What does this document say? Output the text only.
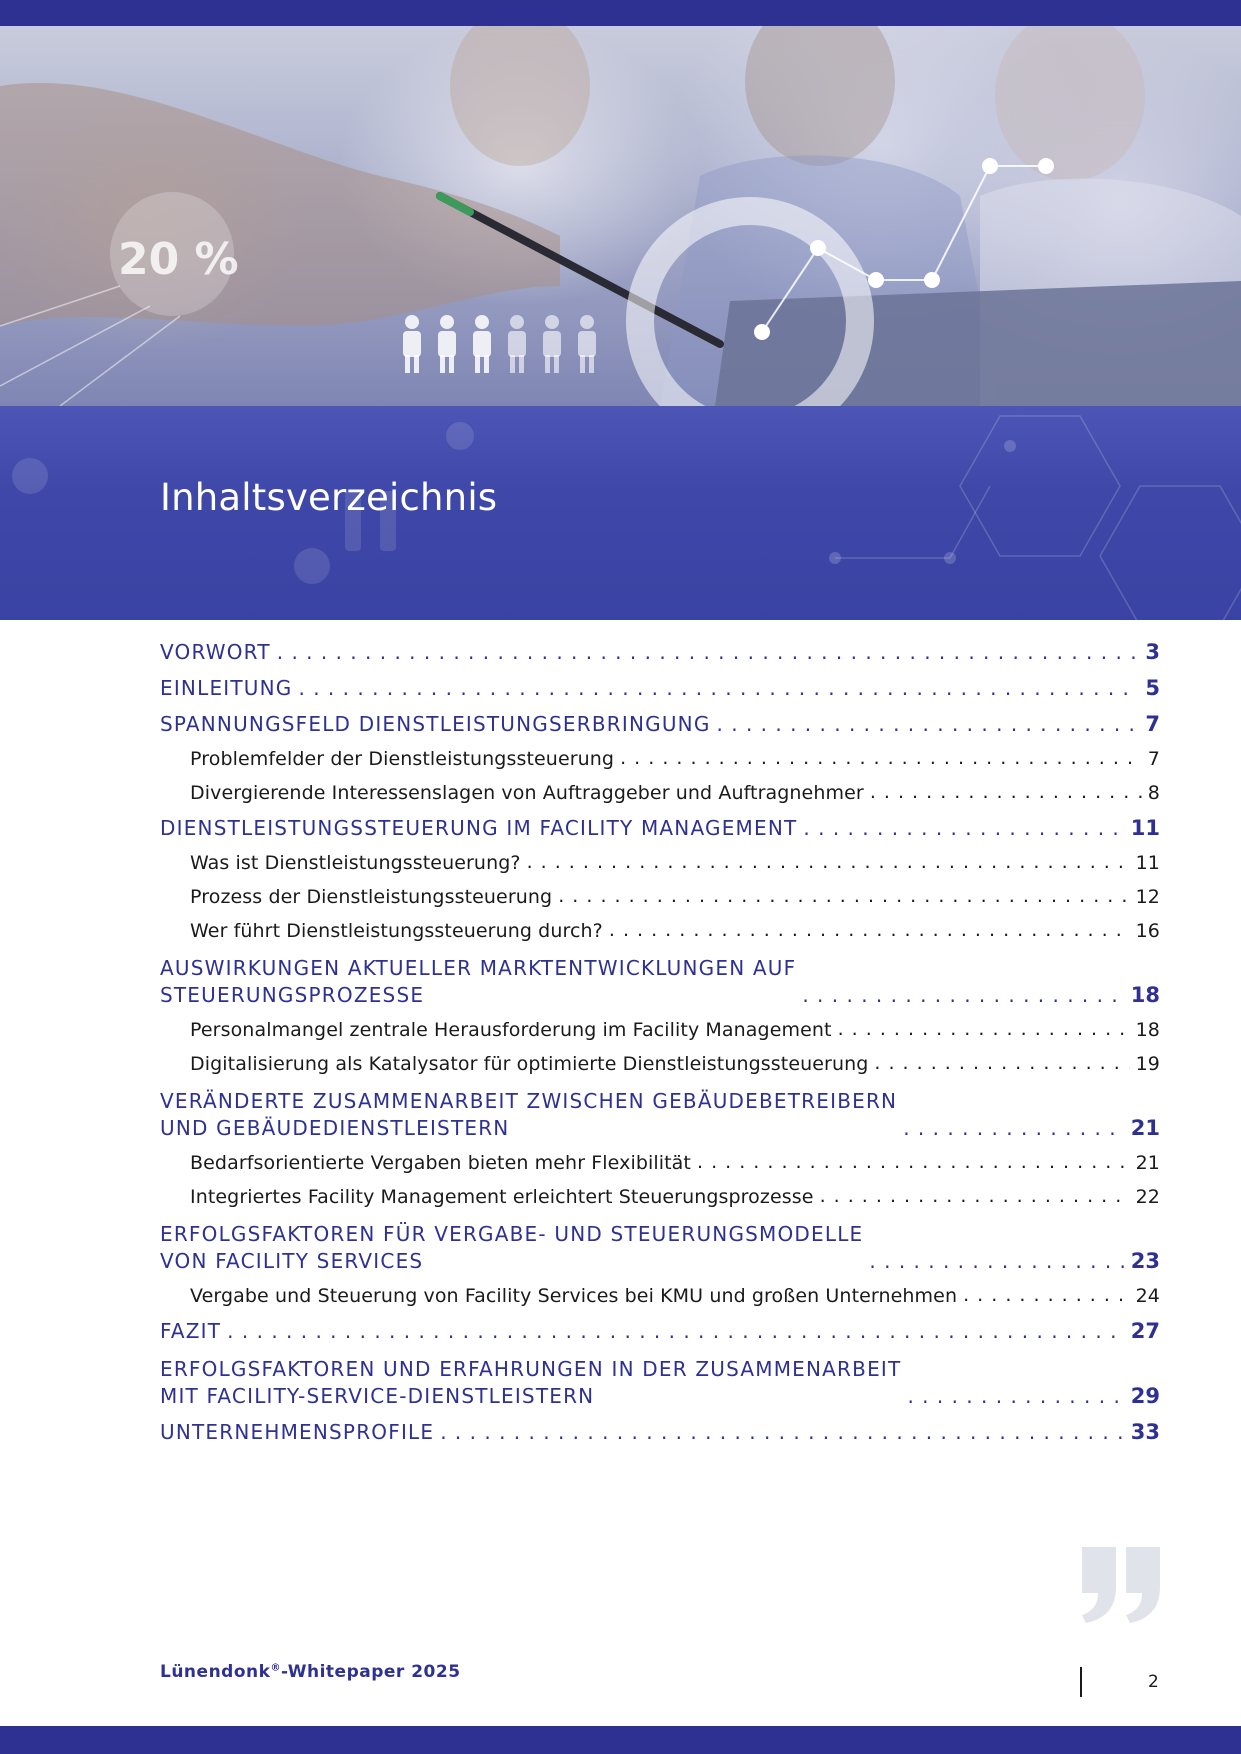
20 %
Inhaltsverzeichnis
VORWORT . . .	3
EINLEITUNG . . .	5
SPANNUNGSFELD DIENSTLEISTUNGSERBRINGUNG . . .	7
Problemfelder der Dienstleistungssteuerung . . .	7
Divergierende Interessenslagen von Auftraggeber und Auftragnehmer . . .	8
DIENSTLEISTUNGSSTEUERUNG IM FACILITY MANAGEMENT . . .	11
Was ist Dienstleistungssteuerung? . . .	11
Prozess der Dienstleistungssteuerung . . .	12
Wer führt Dienstleistungssteuerung durch? . . .	16
AUSWIRKUNGEN AKTUELLER MARKTENTWICKLUNGEN AUF
STEUERUNGSPROZESSE . . .	18
Personalmangel zentrale Herausforderung im Facility Management . . .	18
Digitalisierung als Katalysator für optimierte Dienstleistungssteuerung . . .	19
VERÄNDERTE ZUSAMMENARBEIT ZWISCHEN GEBÄUDEBETREIBERN
UND GEBÄUDEDIENSTLEISTERN . . .	21
Bedarfsorientierte Vergaben bieten mehr Flexibilität . . .	21
Integriertes Facility Management erleichtert Steuerungsprozesse . . .	22
ERFOLGSFAKTOREN FÜR VERGABE- UND STEUERUNGSMODELLE
VON FACILITY SERVICES . . .	23
Vergabe und Steuerung von Facility Services bei KMU und großen Unternehmen . . .	24
FAZIT . . .	27
ERFOLGSFAKTOREN UND ERFAHRUNGEN IN DER ZUSAMMENARBEIT
MIT FACILITY-SERVICE-DIENSTLEISTERN . . .	29
UNTERNEHMENSPROFILE . . .	33

Lünendonk®-Whitepaper 2025	2
